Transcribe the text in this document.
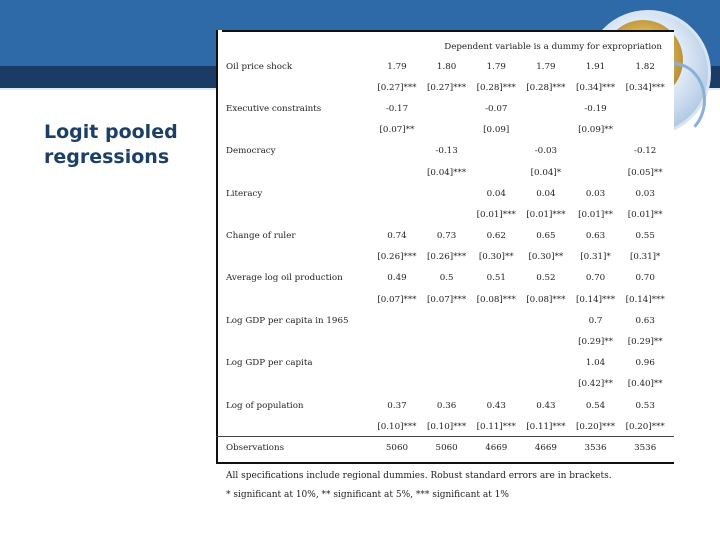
Logit pooled regressions
	Dependent variable is a dummy for expropriation					
Oil price shock	1.79	1.80	1.79	1.79	1.91	1.82
	[0.27]***	[0.27]***	[0.28]***	[0.28]***	[0.34]***	[0.34]***
Executive constraints	-0.17		-0.07		-0.19	
	[0.07]**		[0.09]		[0.09]**	
Democracy		-0.13		-0.03		-0.12
		[0.04]***		[0.04]*		[0.05]**
Literacy			0.04	0.04	0.03	0.03
			[0.01]***	[0.01]***	[0.01]**	[0.01]**
Change of ruler	0.74	0.73	0.62	0.65	0.63	0.55
	[0.26]***	[0.26]***	[0.30]**	[0.30]**	[0.31]*	[0.31]*
Average log oil production	0.49	0.5	0.51	0.52	0.70	0.70
	[0.07]***	[0.07]***	[0.08]***	[0.08]***	[0.14]***	[0.14]***
Log GDP per capita in 1965					0.7	0.63
					[0.29]**	[0.29]**
Log GDP per capita					1.04	0.96
					[0.42]**	[0.40]**
Log of population	0.37	0.36	0.43	0.43	0.54	0.53
	[0.10]***	[0.10]***	[0.11]***	[0.11]***	[0.20]***	[0.20]***
Observations	5060	5060	4669	4669	3536	3536
All specifications include regional dummies. Robust standard errors are in brackets.
* significant at 10%, ** significant at 5%, *** significant at 1%
